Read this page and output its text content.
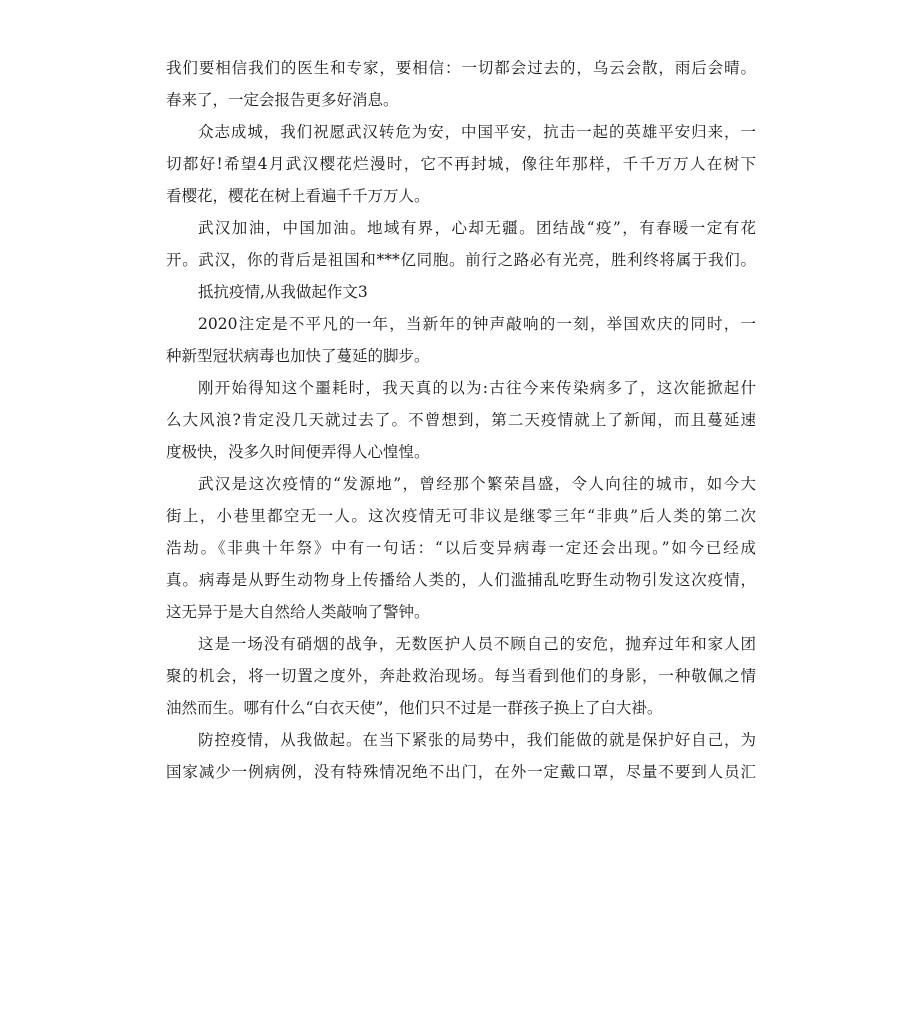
我们要相信我们的医生和专家，要相信：一切都会过去的，乌云会散，雨后会晴。
春来了，一定会报告更多好消息。
众志成城，我们祝愿武汉转危为安，中国平安，抗击一起的英雄平安归来，一
切都好!希望4月武汉樱花烂漫时，它不再封城，像往年那样，千千万万人在树下
看樱花，樱花在树上看遍千千万万人。
武汉加油，中国加油。地域有界，心却无疆。团结战“疫”，有春暖一定有花
开。武汉，你的背后是祖国和***亿同胞。前行之路必有光亮，胜利终将属于我们。
抵抗疫情,从我做起作文3
2020注定是不平凡的一年，当新年的钟声敲响的一刻，举国欢庆的同时，一
种新型冠状病毒也加快了蔓延的脚步。
刚开始得知这个噩耗时，我天真的以为:古往今来传染病多了，这次能掀起什
么大风浪?肯定没几天就过去了。不曾想到，第二天疫情就上了新闻，而且蔓延速
度极快，没多久时间便弄得人心惶惶。
武汉是这次疫情的“发源地”，曾经那个繁荣昌盛，令人向往的城市，如今大
街上，小巷里都空无一人。这次疫情无可非议是继零三年“非典”后人类的第二次
浩劫。《非典十年祭》中有一句话：“以后变异病毒一定还会出现。”如今已经成
真。病毒是从野生动物身上传播给人类的，人们滥捕乱吃野生动物引发这次疫情，
这无异于是大自然给人类敲响了警钟。
这是一场没有硝烟的战争，无数医护人员不顾自己的安危，抛弃过年和家人团
聚的机会，将一切置之度外，奔赴救治现场。每当看到他们的身影，一种敬佩之情
油然而生。哪有什么“白衣天使”，他们只不过是一群孩子换上了白大褂。
防控疫情，从我做起。在当下紧张的局势中，我们能做的就是保护好自己，为
国家减少一例病例，没有特殊情况绝不出门，在外一定戴口罩，尽量不要到人员汇
